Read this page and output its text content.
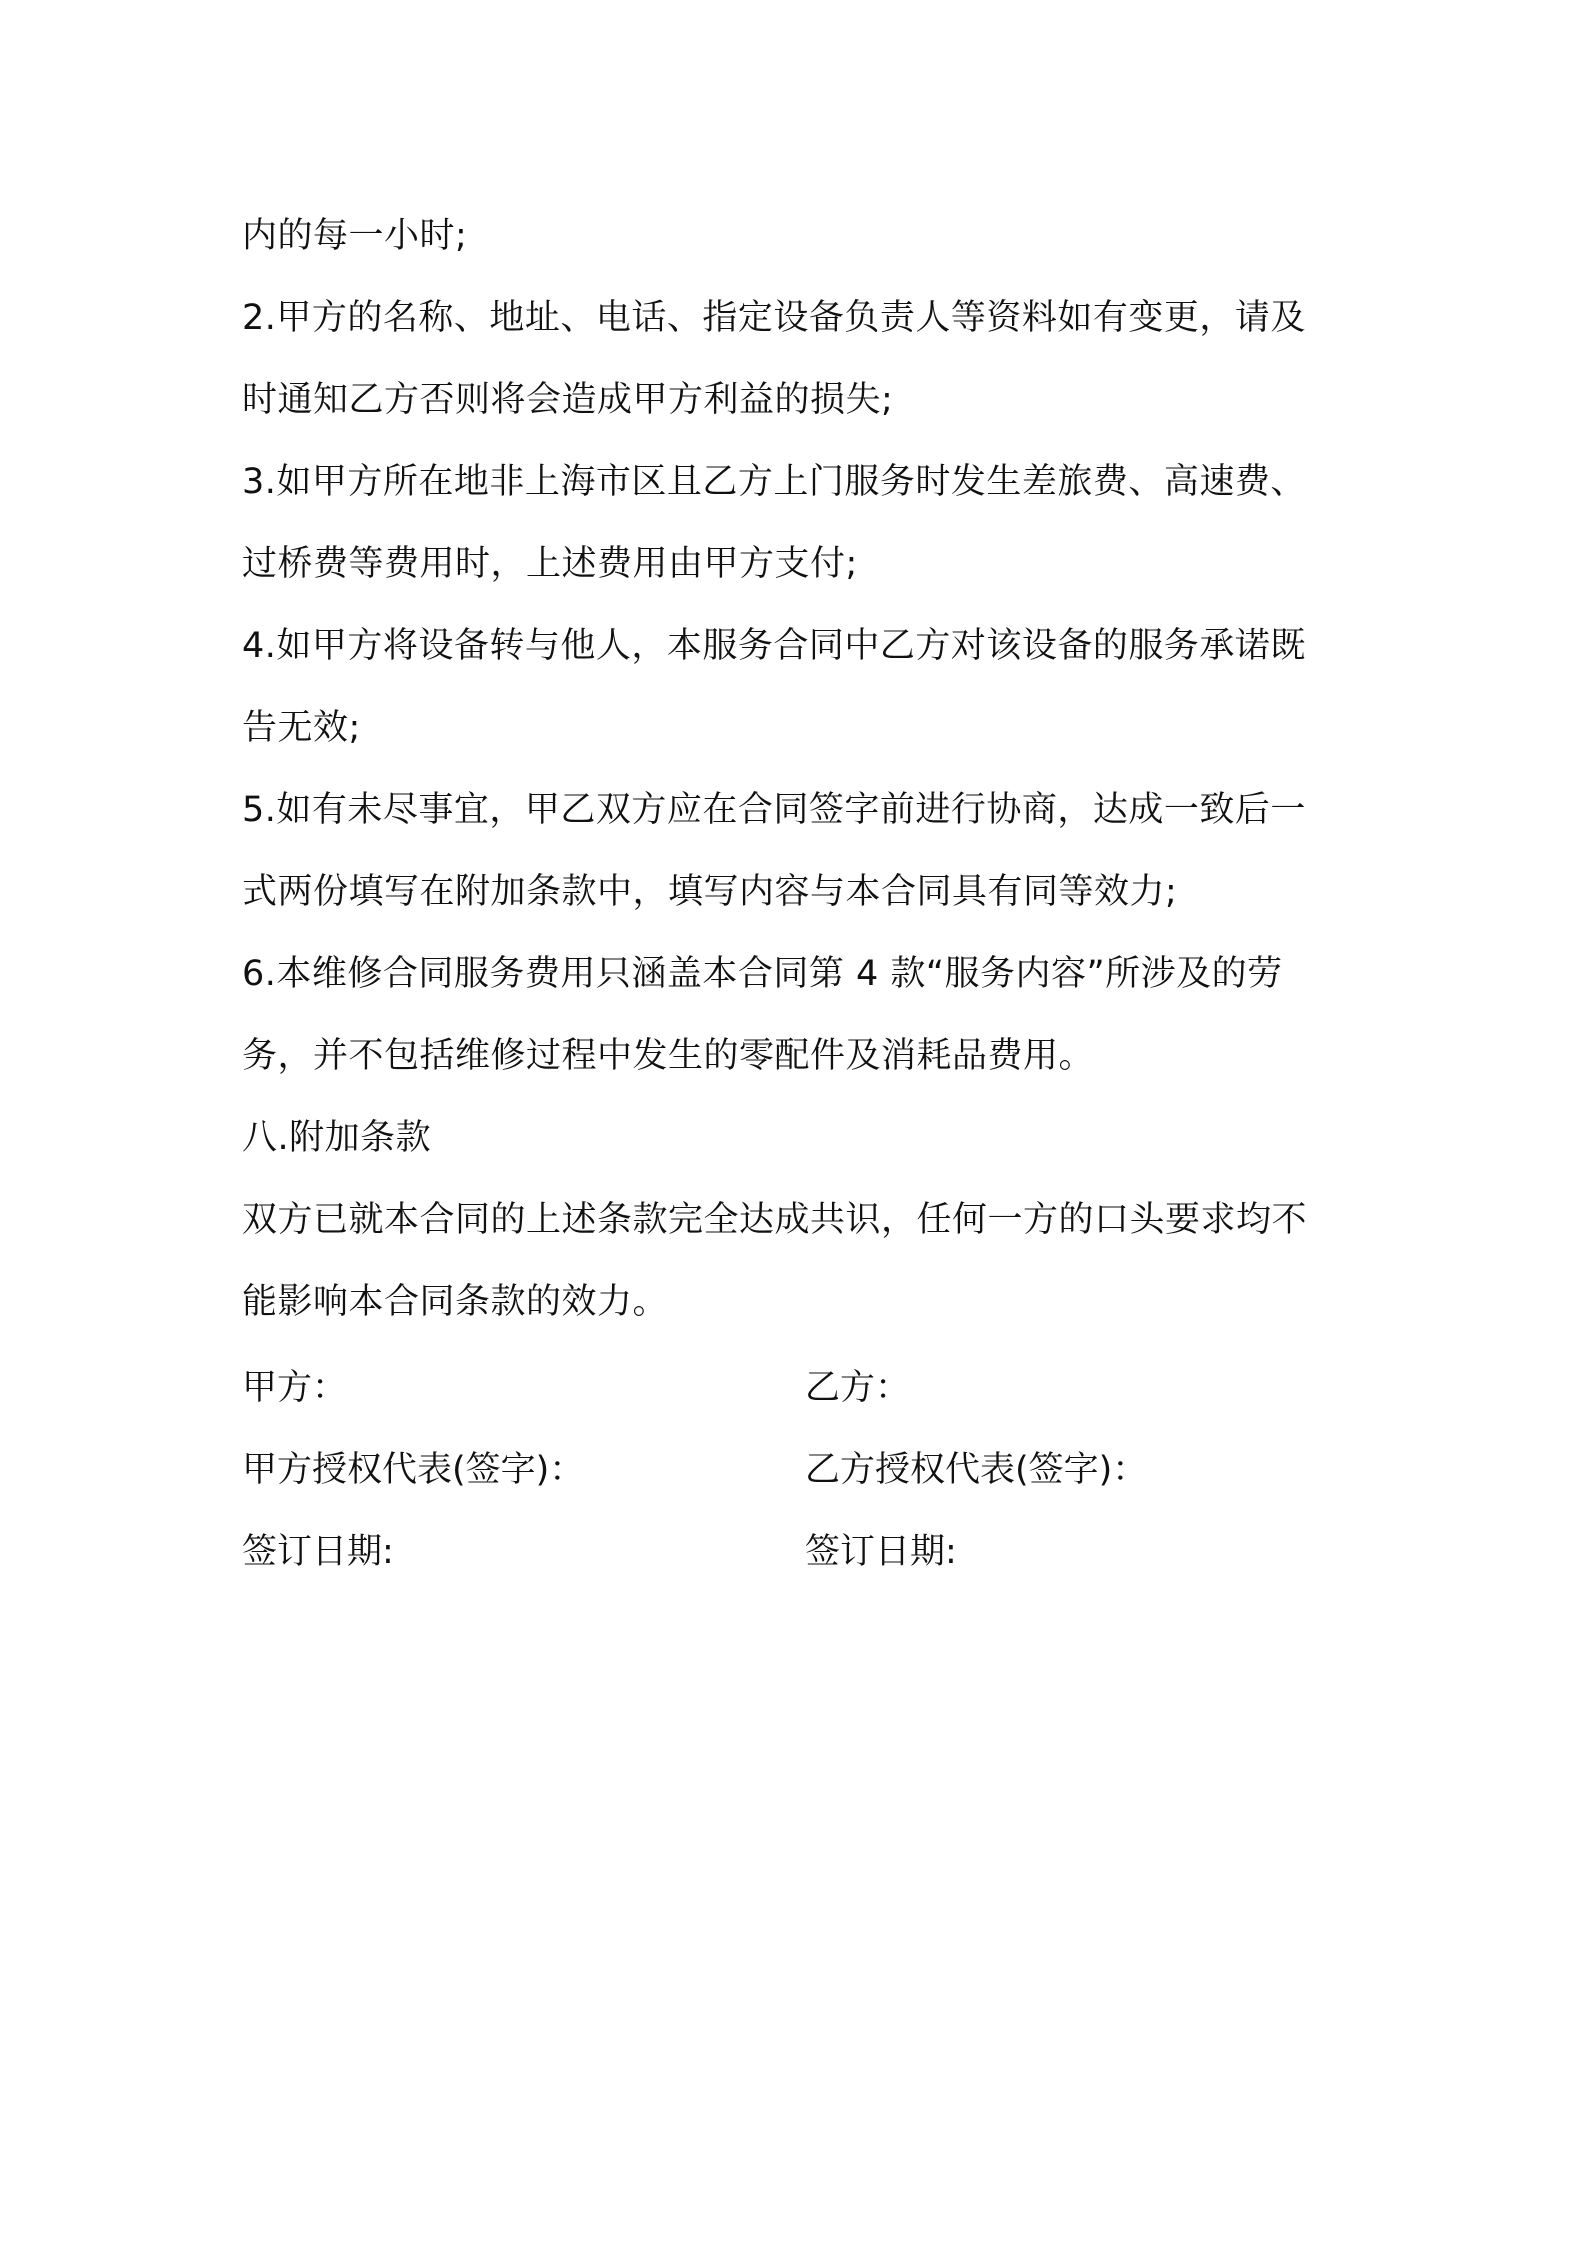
内的每一小时;
2.甲方的名称、地址、电话、指定设备负责人等资料如有变更，请及
时通知乙方否则将会造成甲方利益的损失;
3.如甲方所在地非上海市区且乙方上门服务时发生差旅费、高速费、
过桥费等费用时，上述费用由甲方支付;
4.如甲方将设备转与他人，本服务合同中乙方对该设备的服务承诺既
告无效;
5.如有未尽事宜，甲乙双方应在合同签字前进行协商，达成一致后一
式两份填写在附加条款中，填写内容与本合同具有同等效力;
6.本维修合同服务费用只涵盖本合同第 4 款“服务内容”所涉及的劳
务，并不包括维修过程中发生的零配件及消耗品费用。
八.附加条款
双方已就本合同的上述条款完全达成共识，任何一方的口头要求均不
能影响本合同条款的效力。
甲方：	乙方：
甲方授权代表(签字)：	乙方授权代表(签字)：
签订日期:	签订日期:
